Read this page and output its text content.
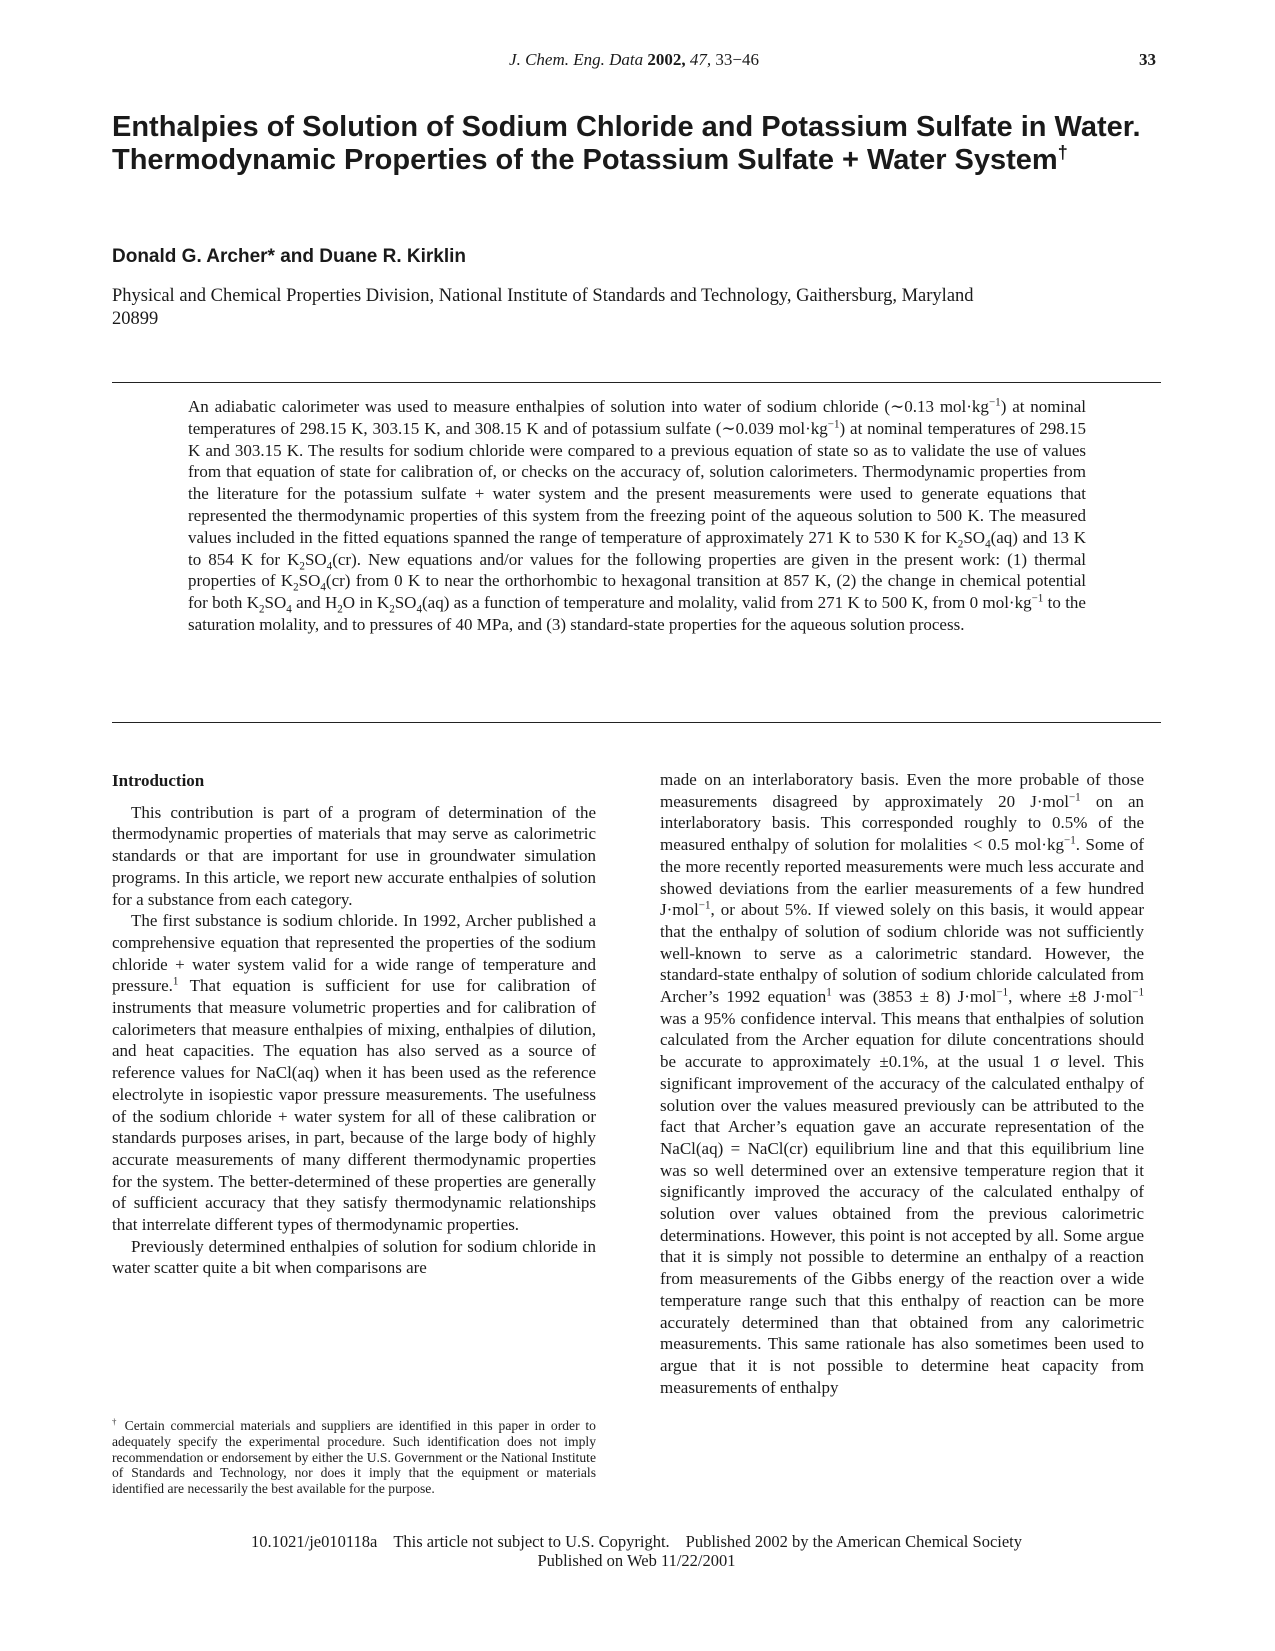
J. Chem. Eng. Data 2002, 47, 33−46	33
Enthalpies of Solution of Sodium Chloride and Potassium Sulfate in Water. Thermodynamic Properties of the Potassium Sulfate + Water System†

Donald G. Archer* and Duane R. Kirklin

Physical and Chemical Properties Division, National Institute of Standards and Technology, Gaithersburg, Maryland 20899

An adiabatic calorimeter was used to measure enthalpies of solution into water of sodium chloride (∼0.13 $mol\cdot kg^{-1}$) at nominal temperatures of 298.15 K, 303.15 K, and 308.15 K and of potassium sulfate (∼0.039 $mol\cdot kg^{-1}$) at nominal temperatures of 298.15 K and 303.15 K. The results for sodium chloride were compared to a previous equation of state so as to validate the use of values from that equation of state for calibration of, or checks on the accuracy of, solution calorimeters. Thermodynamic properties from the literature for the potassium sulfate + water system and the present measurements were used to generate equations that represented the thermodynamic properties of this system from the freezing point of the aqueous solution to 500 K. The measured values included in the fitted equations spanned the range of temperature of approximately 271 K to 530 K for $K_2SO_4(aq)$ and 13 K to 854 K for $K_2SO_4(cr)$. New equations and/or values for the following properties are given in the present work: (1) thermal properties of $K_2SO_4(cr)$ from 0 K to near the orthorhombic to hexagonal transition at 857 K, (2) the change in chemical potential for both $K_2SO_4$ and $H_2O$ in $K_2SO_4(aq)$ as a function of temperature and molality, valid from 271 K to 500 K, from 0 $mol\cdot kg^{-1}$ to the saturation molality, and to pressures of 40 MPa, and (3) standard-state properties for the aqueous solution process.

Introduction

This contribution is part of a program of determination of the thermodynamic properties of materials that may serve as calorimetric standards or that are important for use in groundwater simulation programs. In this article, we report new accurate enthalpies of solution for a substance from each category.

The first substance is sodium chloride. In 1992, Archer published a comprehensive equation that represented the properties of the sodium chloride + water system valid for a wide range of temperature and pressure.$^1$ That equation is sufficient for use for calibration of instruments that measure volumetric properties and for calibration of calorimeters that measure enthalpies of mixing, enthalpies of dilution, and heat capacities. The equation has also served as a source of reference values for NaCl(aq) when it has been used as the reference electrolyte in isopiestic vapor pressure measurements. The usefulness of the sodium chloride + water system for all of these calibration or standards purposes arises, in part, because of the large body of highly accurate measurements of many different thermodynamic properties for the system. The better-determined of these properties are generally of sufficient accuracy that they satisfy thermodynamic relationships that interrelate different types of thermodynamic properties.

Previously determined enthalpies of solution for sodium chloride in water scatter quite a bit when comparisons are

made on an interlaboratory basis. Even the more probable of those measurements disagreed by approximately 20 J·mol$^{-1}$ on an interlaboratory basis. This corresponded roughly to 0.5% of the measured enthalpy of solution for molalities < 0.5 $mol\cdot kg^{-1}$. Some of the more recently reported measurements were much less accurate and showed deviations from the earlier measurements of a few hundred J·mol$^{-1}$, or about 5%. If viewed solely on this basis, it would appear that the enthalpy of solution of sodium chloride was not sufficiently well-known to serve as a calorimetric standard. However, the standard-state enthalpy of solution of sodium chloride calculated from Archer’s 1992 equation$^1$ was (3853 ± 8) J·mol$^{-1}$, where ±8 J·mol$^{-1}$ was a 95% confidence interval. This means that enthalpies of solution calculated from the Archer equation for dilute concentrations should be accurate to approximately ±0.1%, at the usual 1 σ level. This significant improvement of the accuracy of the calculated enthalpy of solution over the values measured previously can be attributed to the fact that Archer’s equation gave an accurate representation of the NaCl(aq) = NaCl(cr) equilibrium line and that this equilibrium line was so well determined over an extensive temperature region that it significantly improved the accuracy of the calculated enthalpy of solution over values obtained from the previous calorimetric determinations. However, this point is not accepted by all. Some argue that it is simply not possible to determine an enthalpy of a reaction from measurements of the Gibbs energy of the reaction over a wide temperature range such that this enthalpy of reaction can be more accurately determined than that obtained from any calorimetric measurements. This same rationale has also sometimes been used to argue that it is not possible to determine heat capacity from measurements of enthalpy

† Certain commercial materials and suppliers are identified in this paper in order to adequately specify the experimental procedure. Such identification does not imply recommendation or endorsement by either the U.S. Government or the National Institute of Standards and Technology, nor does it imply that the equipment or materials identified are necessarily the best available for the purpose.

10.1021/je010118a This article not subject to U.S. Copyright. Published 2002 by the American Chemical Society
Published on Web 11/22/2001
